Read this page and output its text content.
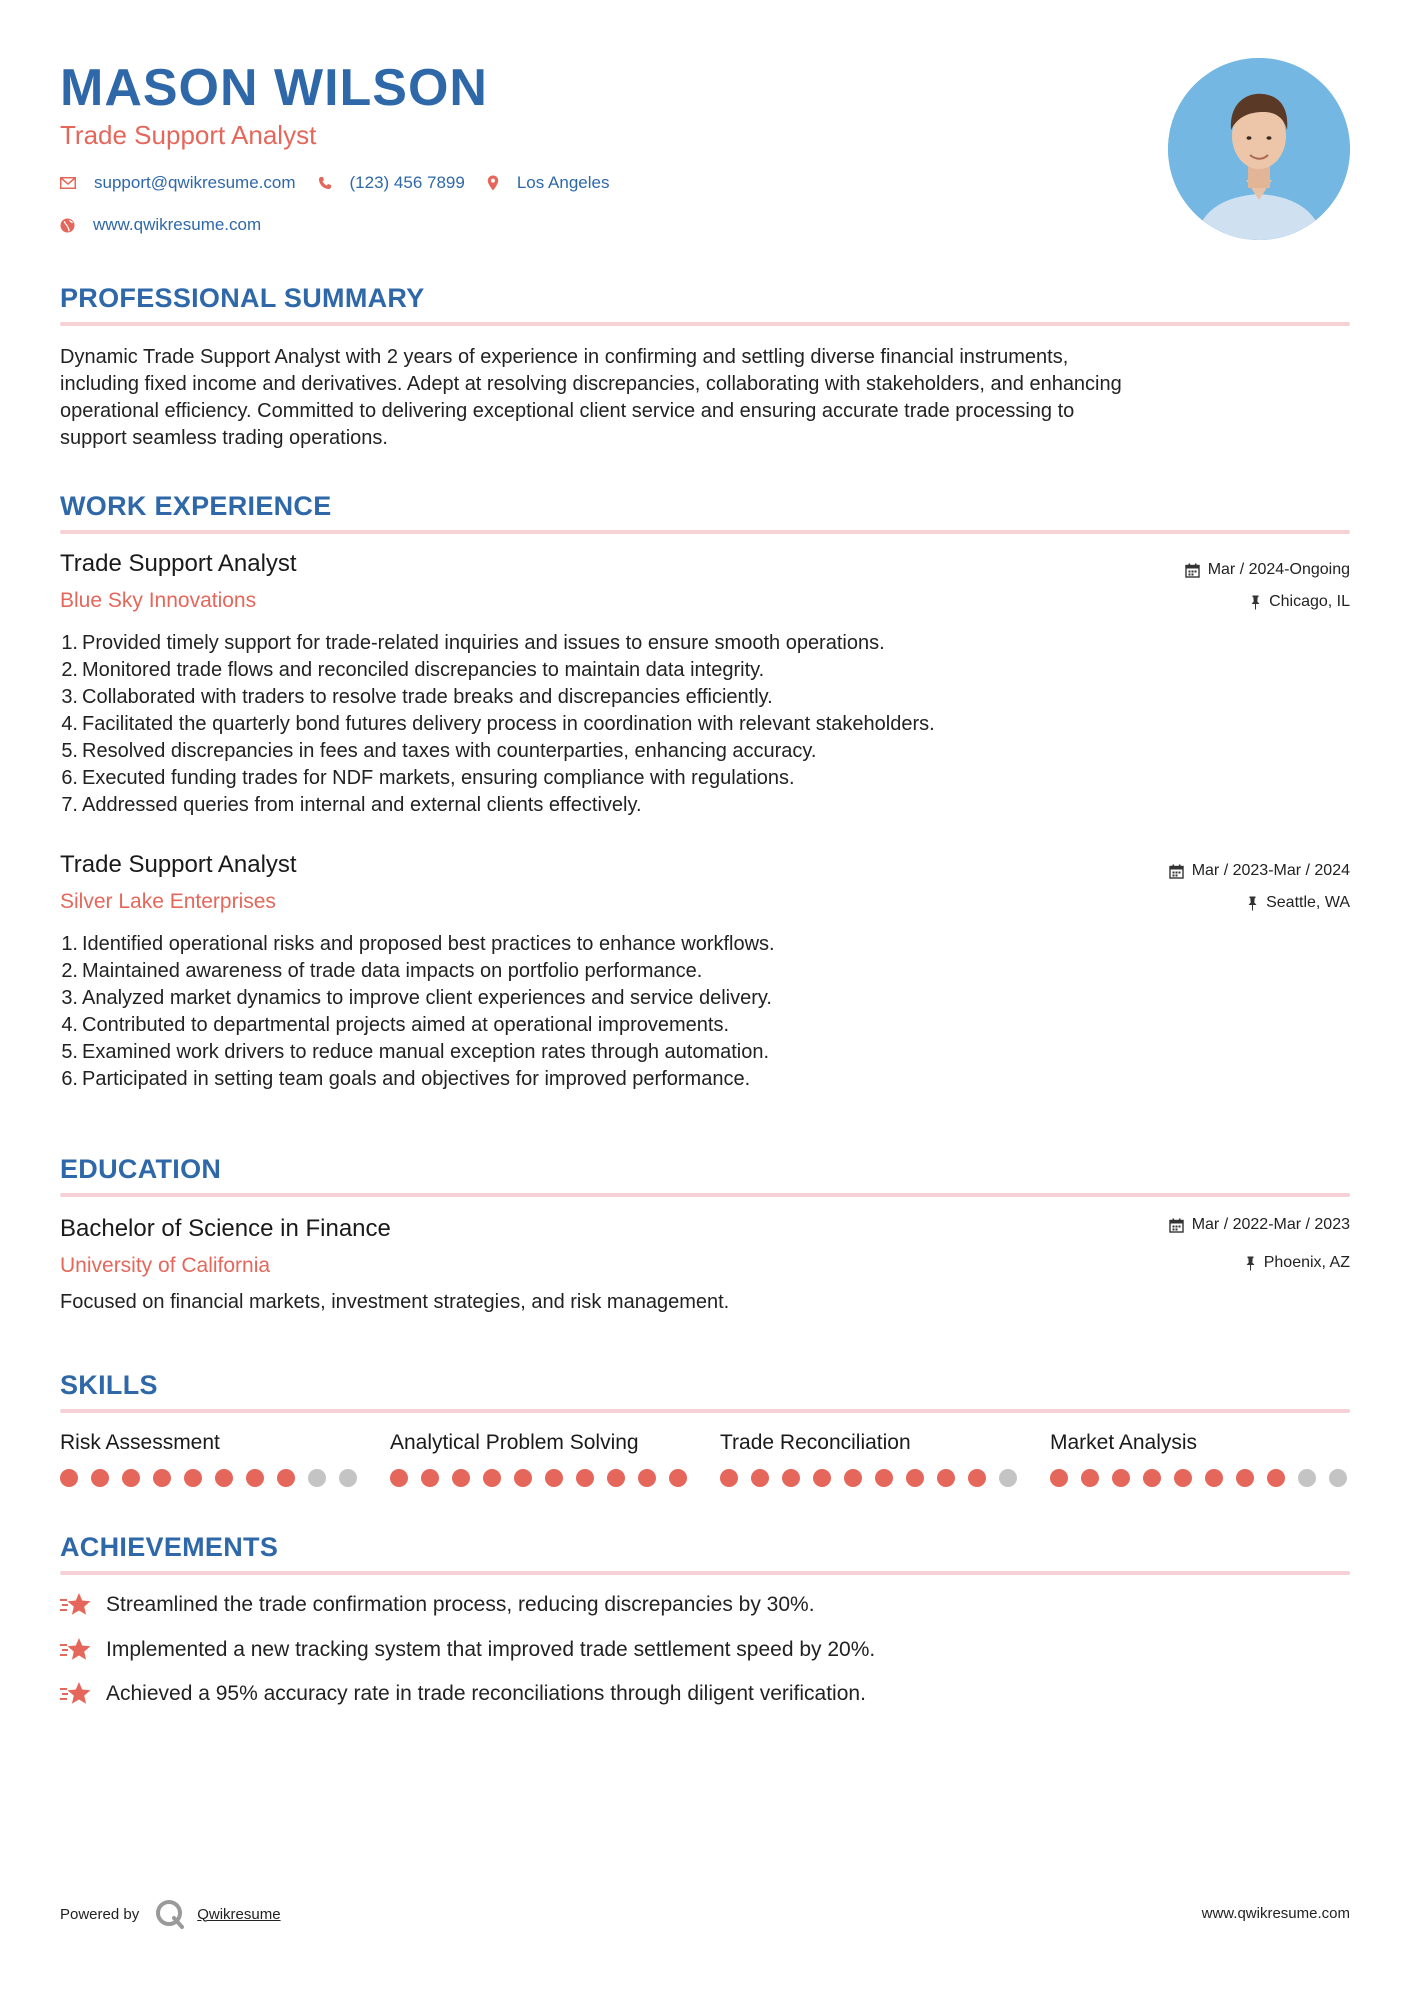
MASON WILSON
Trade Support Analyst
support@qwikresume.com	(123) 456 7899	Los Angeles
www.qwikresume.com
PROFESSIONAL SUMMARY
Dynamic Trade Support Analyst with 2 years of experience in confirming and settling diverse financial instruments,
including fixed income and derivatives. Adept at resolving discrepancies, collaborating with stakeholders, and enhancing
operational efficiency. Committed to delivering exceptional client service and ensuring accurate trade processing to
support seamless trading operations.
WORK EXPERIENCE
Trade Support Analyst	Mar / 2024-Ongoing
Blue Sky Innovations	Chicago, IL
1. Provided timely support for trade-related inquiries and issues to ensure smooth operations.
2. Monitored trade flows and reconciled discrepancies to maintain data integrity.
3. Collaborated with traders to resolve trade breaks and discrepancies efficiently.
4. Facilitated the quarterly bond futures delivery process in coordination with relevant stakeholders.
5. Resolved discrepancies in fees and taxes with counterparties, enhancing accuracy.
6. Executed funding trades for NDF markets, ensuring compliance with regulations.
7. Addressed queries from internal and external clients effectively.
Trade Support Analyst	Mar / 2023-Mar / 2024
Silver Lake Enterprises	Seattle, WA
1. Identified operational risks and proposed best practices to enhance workflows.
2. Maintained awareness of trade data impacts on portfolio performance.
3. Analyzed market dynamics to improve client experiences and service delivery.
4. Contributed to departmental projects aimed at operational improvements.
5. Examined work drivers to reduce manual exception rates through automation.
6. Participated in setting team goals and objectives for improved performance.
EDUCATION
Bachelor of Science in Finance	Mar / 2022-Mar / 2023
University of California	Phoenix, AZ
Focused on financial markets, investment strategies, and risk management.
SKILLS
Risk Assessment	Analytical Problem Solving	Trade Reconciliation	Market Analysis
ACHIEVEMENTS
Streamlined the trade confirmation process, reducing discrepancies by 30%.
Implemented a new tracking system that improved trade settlement speed by 20%.
Achieved a 95% accuracy rate in trade reconciliations through diligent verification.
Powered by	Qwikresume	www.qwikresume.com
